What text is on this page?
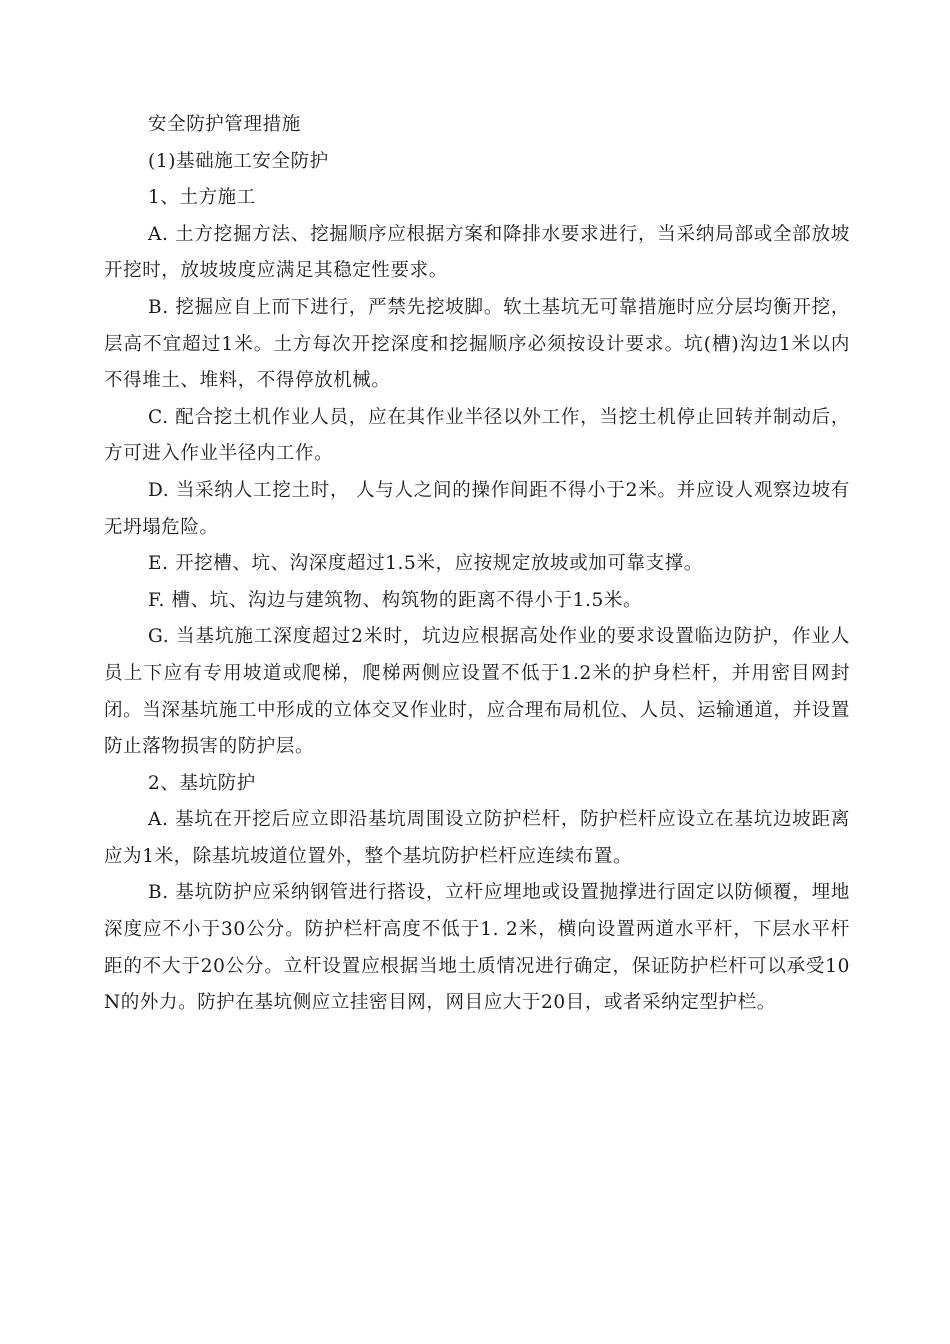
安全防护管理措施

(1)基础施工安全防护

1、土方施工

A. 土方挖掘方法、挖掘顺序应根据方案和降排水要求进行，当采纳局部或全部放坡开挖时，放坡坡度应满足其稳定性要求。

B. 挖掘应自上而下进行，严禁先挖坡脚。软土基坑无可靠措施时应分层均衡开挖，层高不宜超过1米。土方每次开挖深度和挖掘顺序必须按设计要求。坑(槽)沟边1米以内不得堆土、堆料，不得停放机械。

C. 配合挖土机作业人员，应在其作业半径以外工作，当挖土机停止回转并制动后，方可进入作业半径内工作。

D. 当采纳人工挖土时， 人与人之间的操作间距不得小于2米。并应设人观察边坡有无坍塌危险。

E. 开挖槽、坑、沟深度超过1.5米，应按规定放坡或加可靠支撑。

F. 槽、坑、沟边与建筑物、构筑物的距离不得小于1.5米。

G. 当基坑施工深度超过2米时，坑边应根据高处作业的要求设置临边防护，作业人员上下应有专用坡道或爬梯，爬梯两侧应设置不低于1.2米的护身栏杆，并用密目网封闭。当深基坑施工中形成的立体交叉作业时，应合理布局机位、人员、运输通道，并设置防止落物损害的防护层。

2、基坑防护

A. 基坑在开挖后应立即沿基坑周围设立防护栏杆，防护栏杆应设立在基坑边坡距离应为1米，除基坑坡道位置外，整个基坑防护栏杆应连续布置。

B. 基坑防护应采纳钢管进行搭设，立杆应埋地或设置抛撑进行固定以防倾覆，埋地深度应不小于30公分。防护栏杆高度不低于1. 2米，横向设置两道水平杆，下层水平杆距的不大于20公分。立杆设置应根据当地土质情况进行确定，保证防护栏杆可以承受10N的外力。防护在基坑侧应立挂密目网，网目应大于20目，或者采纳定型护栏。
